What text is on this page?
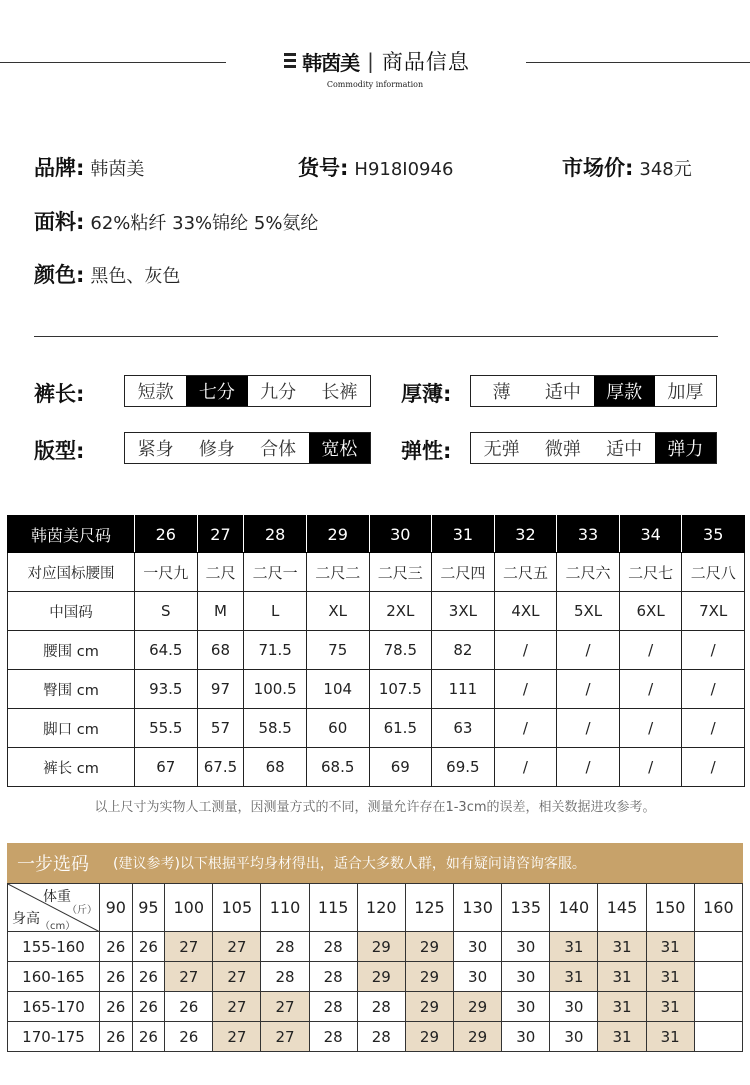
韩茵美 | 商品信息
Commodity information
品牌: 韩茵美	货号: H918I0946	市场价: 348元
面料: 62%粘纤 33%锦纶 5%氨纶
颜色: 黑色、灰色
裤长:	短款	七分	九分	长裤	厚薄:	薄	适中	厚款	加厚
版型:	紧身	修身	合体	宽松	弹性:	无弹	微弹	适中	弹力
韩茵美尺码	26	27	28	29	30	31	32	33	34	35
对应国标腰围	一尺九	二尺	二尺一	二尺二	二尺三	二尺四	二尺五	二尺六	二尺七	二尺八
中国码	S	M	L	XL	2XL	3XL	4XL	5XL	6XL	7XL
腰围 cm	64.5	68	71.5	75	78.5	82	/	/	/	/
臀围 cm	93.5	97	100.5	104	107.5	111	/	/	/	/
脚口 cm	55.5	57	58.5	60	61.5	63	/	/	/	/
裤长 cm	67	67.5	68	68.5	69	69.5	/	/	/	/
以上尺寸为实物人工测量，因测量方式的不同，测量允许存在1-3cm的误差，相关数据进攻参考。
一步选码	(建议参考)以下根据平均身材得出，适合大多数人群，如有疑问请咨询客服。
体重
（斤）
身高 （cm）	90	95	100	105	110	115	120	125	130	135	140	145	150	160
155-160	26	26	27	27	28	28	29	29	30	30	31	31	31	
160-165	26	26	27	27	28	28	29	29	30	30	31	31	31	
165-170	26	26	26	27	27	28	28	29	29	30	30	31	31	
170-175	26	26	26	27	27	28	28	29	29	30	30	31	31	
